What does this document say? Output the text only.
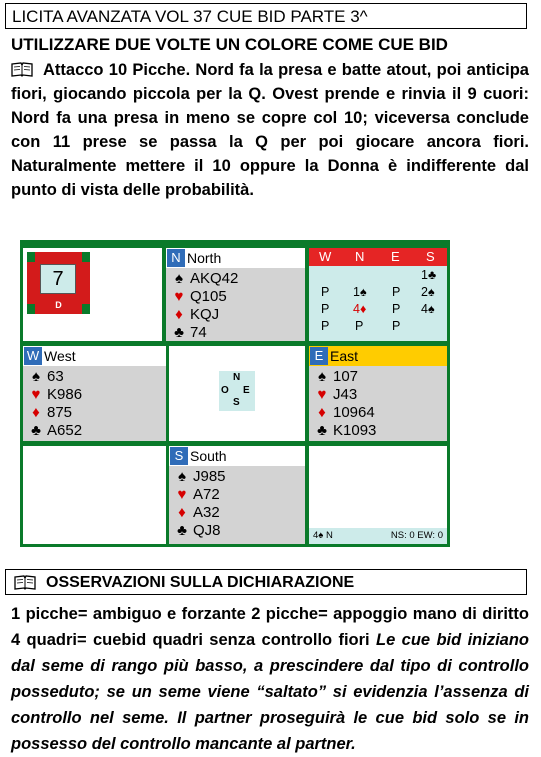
LICITA AVANZATA VOL 37 CUE BID PARTE 3^
UTILIZZARE DUE VOLTE UN COLORE COME CUE BID
Attacco 10 Picche. Nord fa la presa e batte atout, poi anticipa fiori, giocando piccola per la Q. Ovest prende e rinvia il 9 cuori: Nord fa una presa in meno se copre col 10; viceversa conclude con 11 prese se passa la Q per poi giocare ancora fiori. Naturalmente mettere il 10 oppure la Donna è indifferente dal punto di vista delle probabilità.
7
D
N North
♠ AKQ42
♥ Q105
♦ KQJ
♣ 74
W N E S
1♣
P 1♠ P 2♠
P 4♦ P 4♠
P P P
W West
♠ 63
♥ K986
♦ 875
♣ A652
N
O E
S
E East
♠ 107
♥ J43
♦ 10964
♣ K1093
S South
♠ J985
♥ A72
♦ A32
♣ QJ8	4♠ N	NS: 0 EW: 0
OSSERVAZIONI SULLA DICHIARAZIONE
1 picche= ambiguo e forzante 2 picche= appoggio mano di diritto 4 quadri= cuebid quadri senza controllo fiori Le cue bid iniziano dal seme di rango più basso, a prescindere dal tipo di controllo posseduto; se un seme viene “saltato” si evidenzia l’assenza di controllo nel seme. Il partner proseguirà le cue bid solo se in possesso del controllo mancante al partner.
